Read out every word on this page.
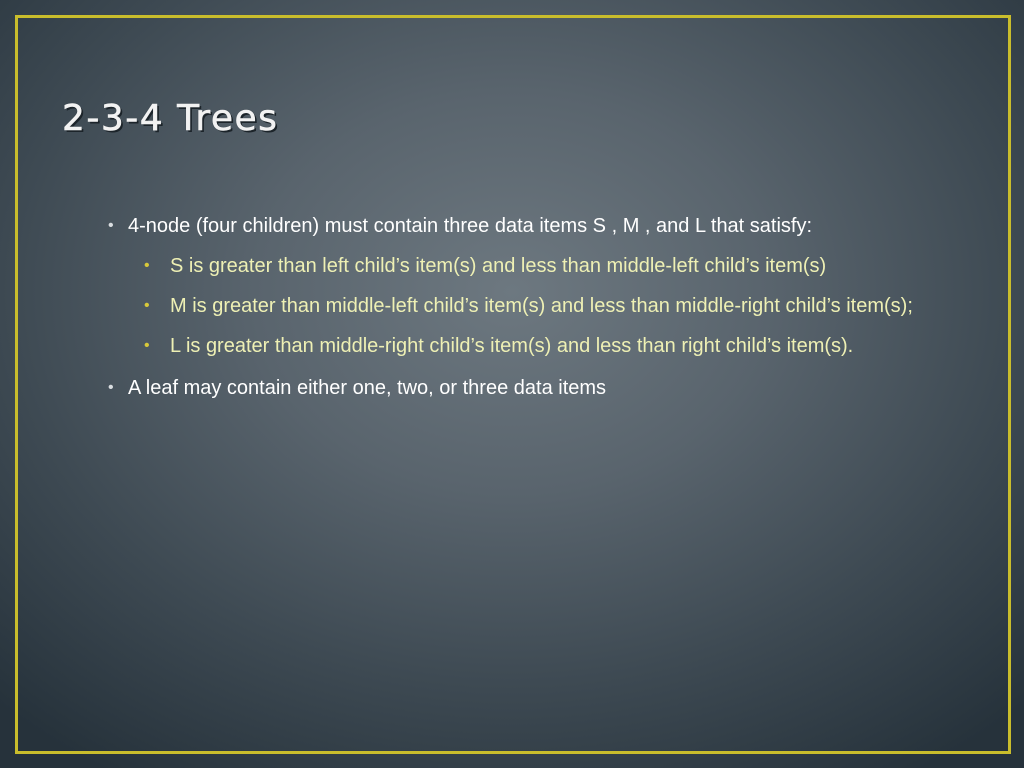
2-3-4 Trees

• 4-node (four children) must contain three data items S , M , and L that satisfy:

• S is greater than left child’s item(s) and less than middle-left child’s item(s)

• M is greater than middle-left child’s item(s) and less than middle-right child’s item(s);

• L is greater than middle-right child’s item(s) and less than right child’s item(s).

• A leaf may contain either one, two, or three data items
